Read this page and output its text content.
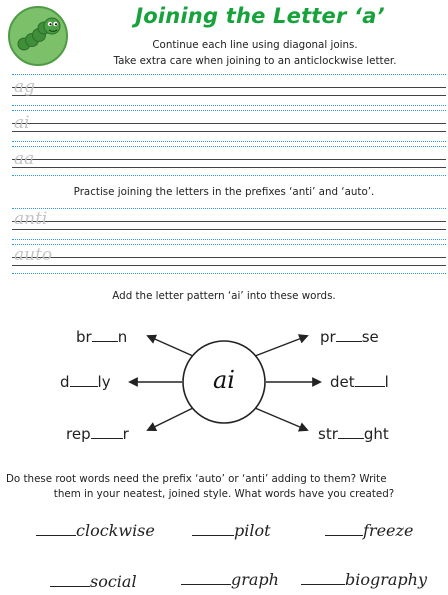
Joining the Letter ‘a’
Continue each line using diagonal joins.
Take extra care when joining to an anticlockwise letter.
ag
ai
aa
Practise joining the letters in the prefixes ‘anti’ and ‘auto’.
anti
auto
Add the letter pattern ‘ai’ into these words.
ai
br n	pr se
d ly	det l
rep r	str ght
Do these root words need the prefix ‘auto’ or ‘anti’ adding to them? Write
them in your neatest, joined style. What words have you created?
clockwise	pilot	freeze
social	graph	biography
